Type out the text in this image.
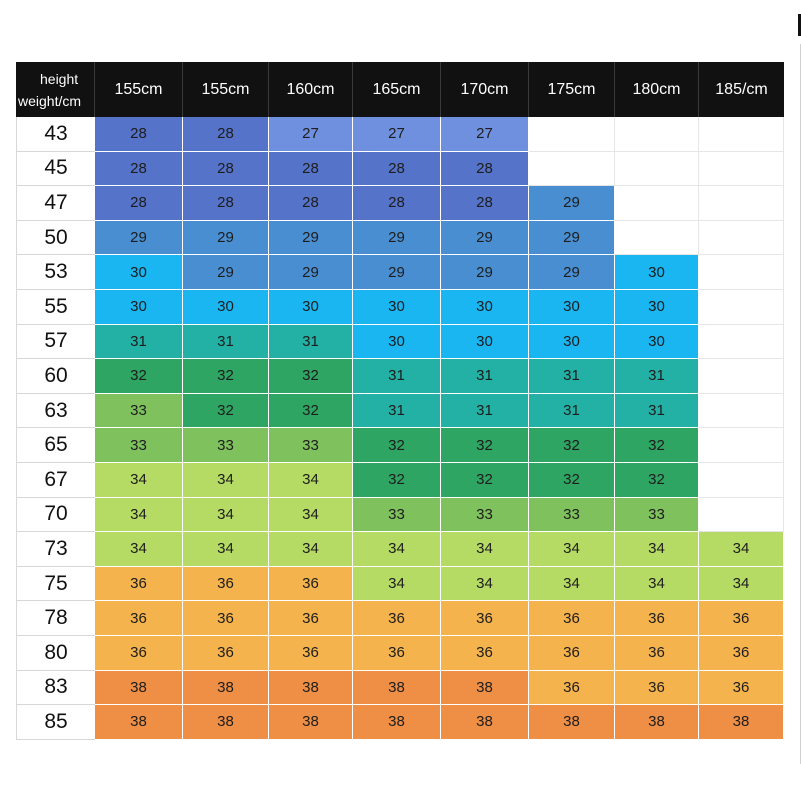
height
weight/cm	155cm	155cm	160cm	165cm	170cm	175cm	180cm	185/cm
43	28	28	27	27	27			
45	28	28	28	28	28			
47	28	28	28	28	28	29		
50	29	29	29	29	29	29		
53	30	29	29	29	29	29	30	
55	30	30	30	30	30	30	30	
57	31	31	31	30	30	30	30	
60	32	32	32	31	31	31	31	
63	33	32	32	31	31	31	31	
65	33	33	33	32	32	32	32	
67	34	34	34	32	32	32	32	
70	34	34	34	33	33	33	33	
73	34	34	34	34	34	34	34	34
75	36	36	36	34	34	34	34	34
78	36	36	36	36	36	36	36	36
80	36	36	36	36	36	36	36	36
83	38	38	38	38	38	36	36	36
85	38	38	38	38	38	38	38	38
